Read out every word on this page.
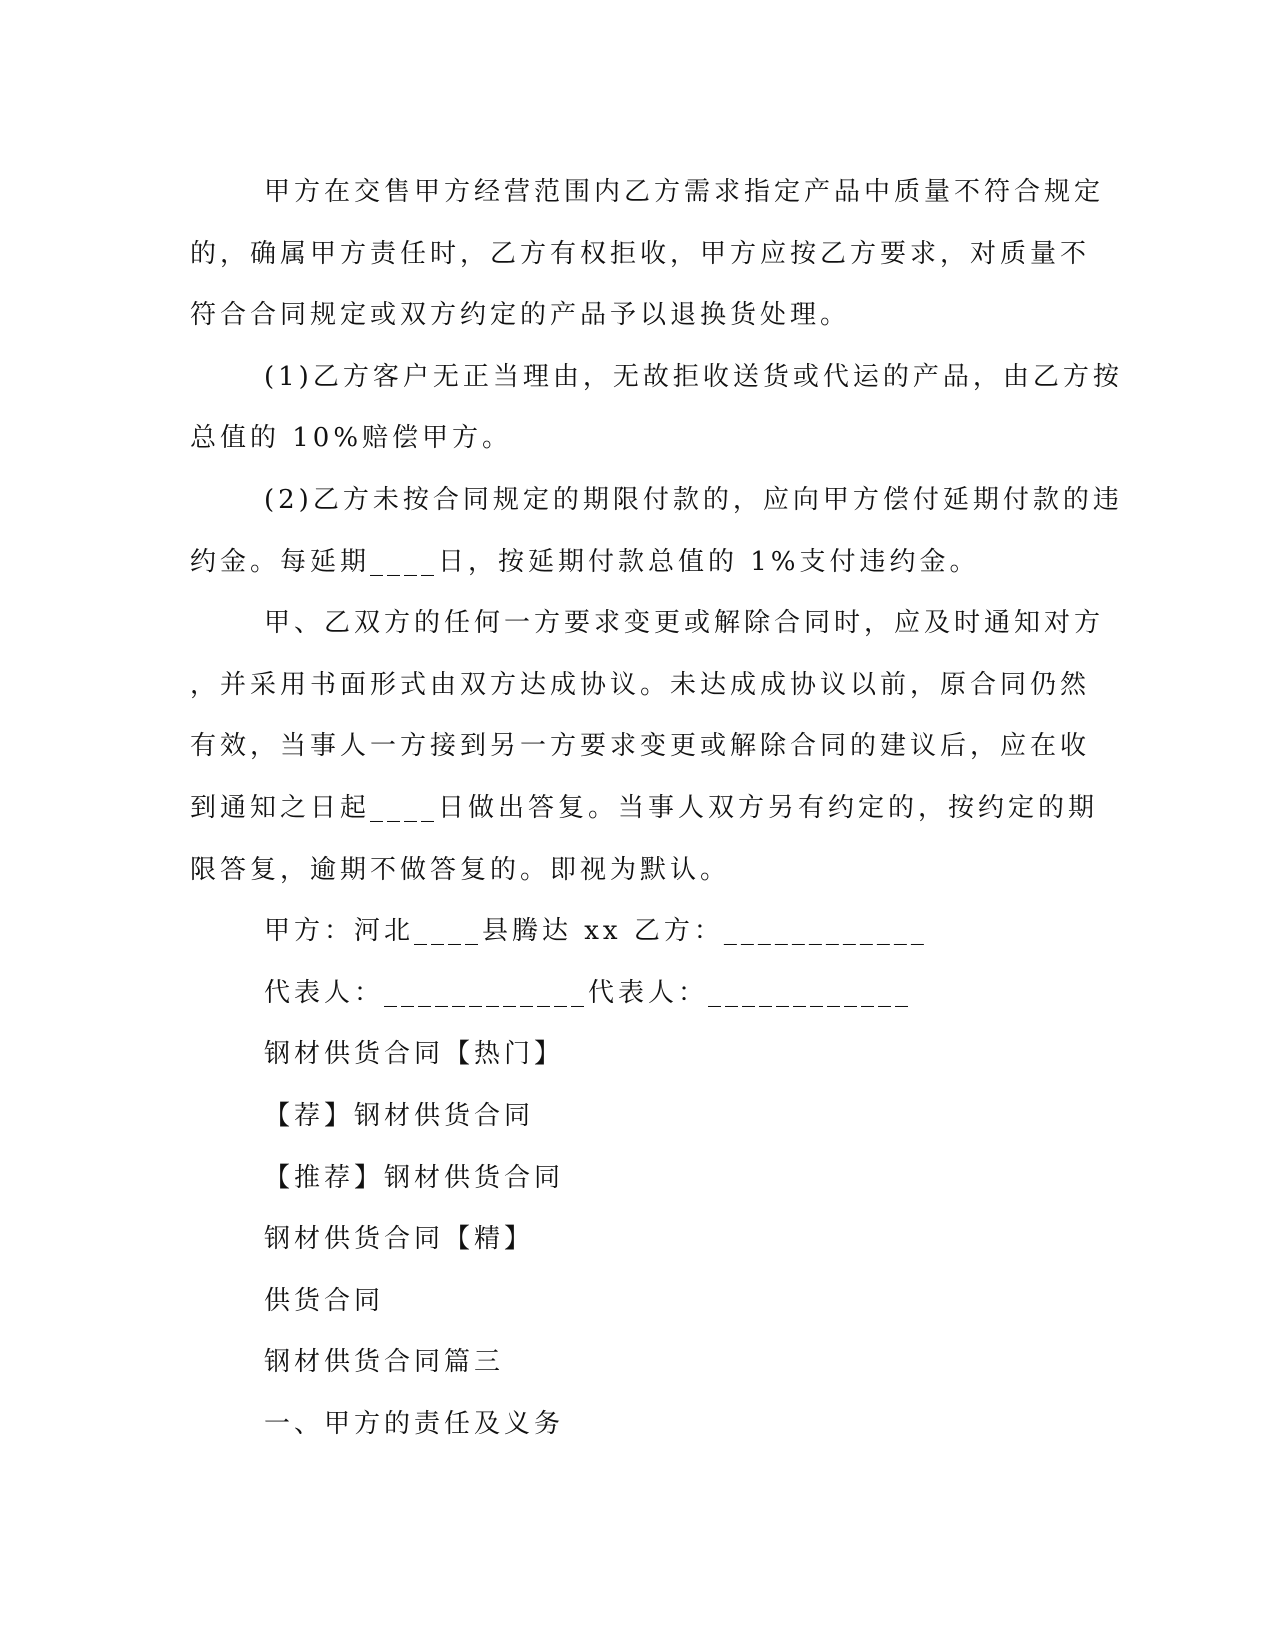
甲方在交售甲方经营范围内乙方需求指定产品中质量不符合规定
的，确属甲方责任时，乙方有权拒收，甲方应按乙方要求，对质量不
符合合同规定或双方约定的产品予以退换货处理。
(1)乙方客户无正当理由，无故拒收送货或代运的产品，由乙方按
总值的 10%赔偿甲方。
(2)乙方未按合同规定的期限付款的，应向甲方偿付延期付款的违
约金。每延期____日，按延期付款总值的 1%支付违约金。
甲、乙双方的任何一方要求变更或解除合同时，应及时通知对方
，并采用书面形式由双方达成协议。未达成成协议以前，原合同仍然
有效，当事人一方接到另一方要求变更或解除合同的建议后，应在收
到通知之日起____日做出答复。当事人双方另有约定的，按约定的期
限答复，逾期不做答复的。即视为默认。
甲方：河北____县腾达 xx 乙方：____________
代表人：____________代表人：____________
钢材供货合同【热门】
【荐】钢材供货合同
【推荐】钢材供货合同
钢材供货合同【精】
供货合同
钢材供货合同篇三
一、甲方的责任及义务
